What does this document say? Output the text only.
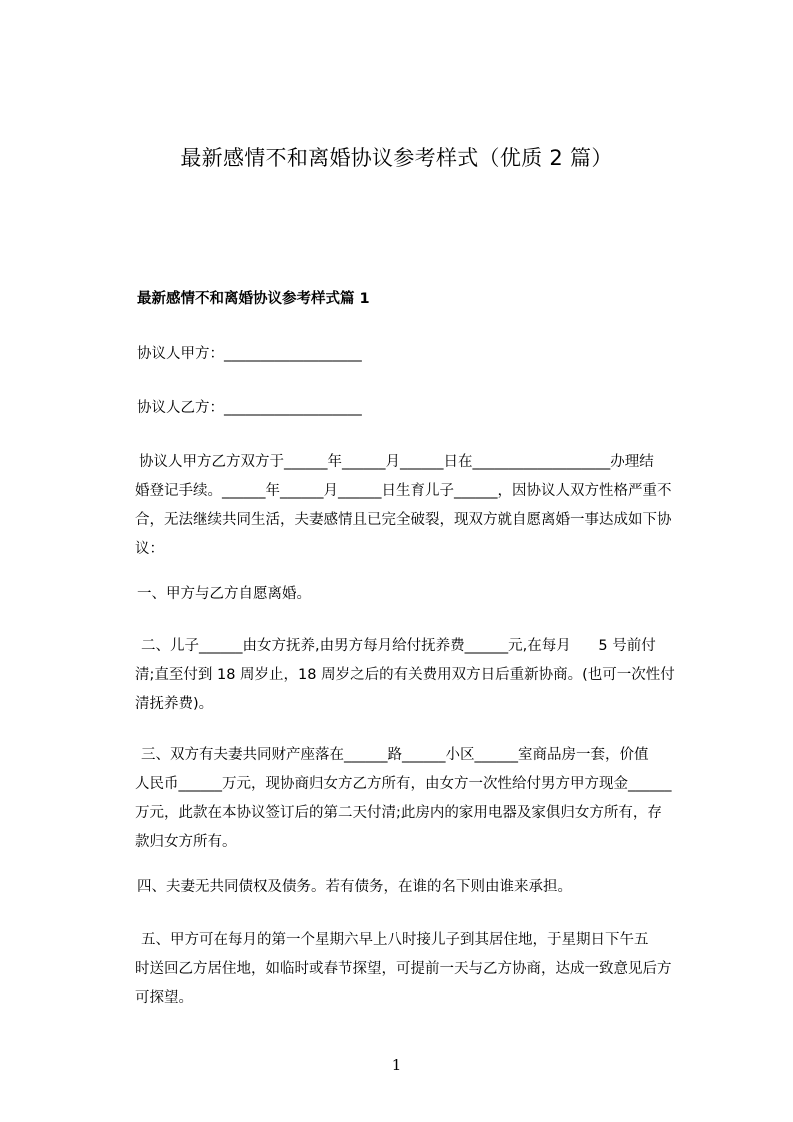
最新感情不和离婚协议参考样式（优质 2 篇）
最新感情不和离婚协议参考样式篇 1
协议人甲方：___________________
协议人乙方：___________________
协议人甲方乙方双方于______年______月______日在___________________办理结
婚登记手续。______年______月______日生育儿子______，因协议人双方性格严重不
合，无法继续共同生活，夫妻感情且已完全破裂，现双方就自愿离婚一事达成如下协
议：
一、甲方与乙方自愿离婚。
二、儿子______由女方抚养,由男方每月给付抚养费______元,在每月      5 号前付
清;直至付到 18 周岁止，18 周岁之后的有关费用双方日后重新协商。(也可一次性付
清抚养费)。
三、双方有夫妻共同财产座落在______路______小区______室商品房一套，价值
人民币______万元，现协商归女方乙方所有，由女方一次性给付男方甲方现金______
万元，此款在本协议签订后的第二天付清;此房内的家用电器及家俱归女方所有，存
款归女方所有。
四、夫妻无共同债权及债务。若有债务，在谁的名下则由谁来承担。
五、甲方可在每月的第一个星期六早上八时接儿子到其居住地，于星期日下午五
时送回乙方居住地，如临时或春节探望，可提前一天与乙方协商，达成一致意见后方
可探望。
1
